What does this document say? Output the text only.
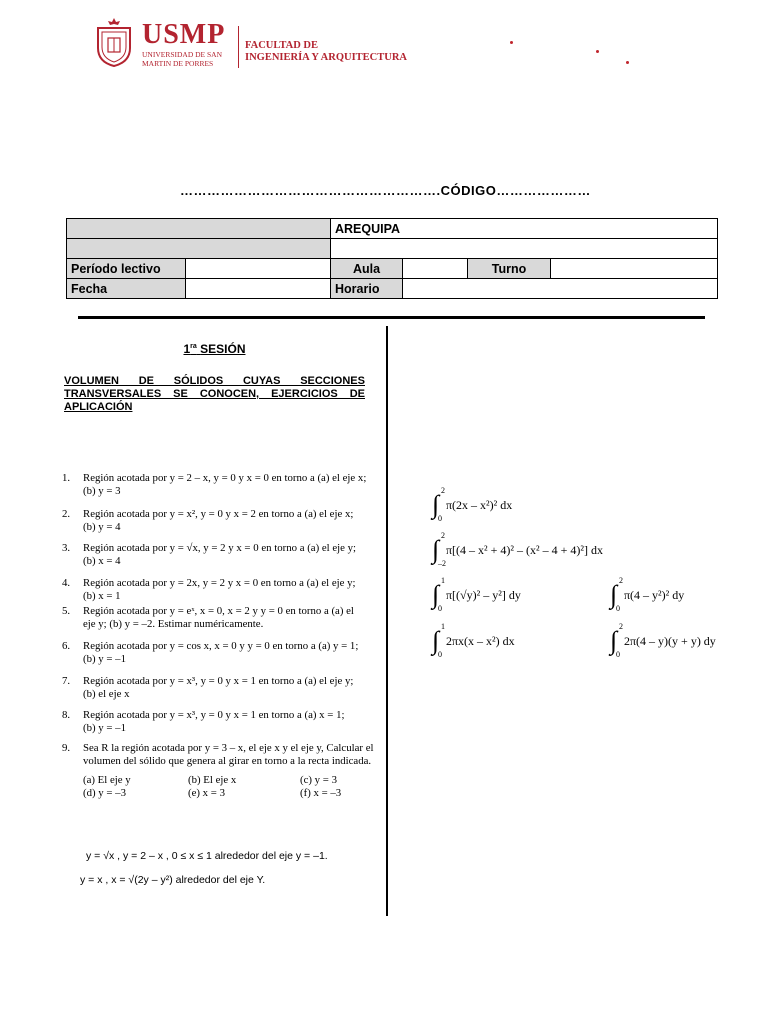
USMP
UNIVERSIDAD DE SAN MARTIN DE PORRES
FACULTAD DE
INGENIERÍA Y ARQUITECTURA
………………………………………………….CÓDIGO…………………
		AREQUIPA			

Período lectivo		Aula		Turno	
Fecha		Horario			
$1^{ra}$ SESIÓN
VOLUMEN DE SÓLIDOS CUYAS SECCIONES TRANSVERSALES SE CONOCEN, EJERCICIOS DE APLICACIÓN
1. Región acotada por y = 2 – x, y = 0 y x = 0 en torno a (a) el eje x;
(b) y = 3
2. Región acotada por y = x², y = 0 y x = 2 en torno a (a) el eje x;
(b) y = 4
3. Región acotada por y = √x, y = 2 y x = 0 en torno a (a) el eje y;
(b) x = 4
4. Región acotada por y = 2x, y = 2 y x = 0 en torno a (a) el eje y;
(b) x = 1
5. Región acotada por y = eˣ, x = 0, x = 2 y y = 0 en torno a (a) el
eje y; (b) y = –2. Estimar numéricamente.
6. Región acotada por y = cos x, x = 0 y y = 0 en torno a (a) y = 1;
(b) y = –1
7. Región acotada por y = x³, y = 0 y x = 1 en torno a (a) el eje y;
(b) el eje x
8. Región acotada por y = x³, y = 0 y x = 1 en torno a (a) x = 1;
(b) y = –1
9. Sea R la región acotada por y = 3 – x, el eje x y el eje y, Calcular el
volumen del sólido que genera al girar en torno a la recta indicada.
(a) El eje y	(b) El eje x	(c) y = 3
(d) y = –3	(e) x = 3	(f) x = –3
y = √x , y = 2 – x , 0 ≤ x ≤ 1 alrededor del eje y = –1.
y = x , x = √(2y – y²) alrededor del eje Y.
∫ 2
0
π(2x – x²)² dx
∫ 2
–2
π[(4 – x² + 4)² – (x² – 4 + 4)²] dx
∫ 1
0
π[(√y)² – y²] dy	∫ 2
0
π(4 – y²)² dy
∫ 1
0
2πx(x – x²) dx	∫ 2
0
2π(4 – y)(y + y) dy
